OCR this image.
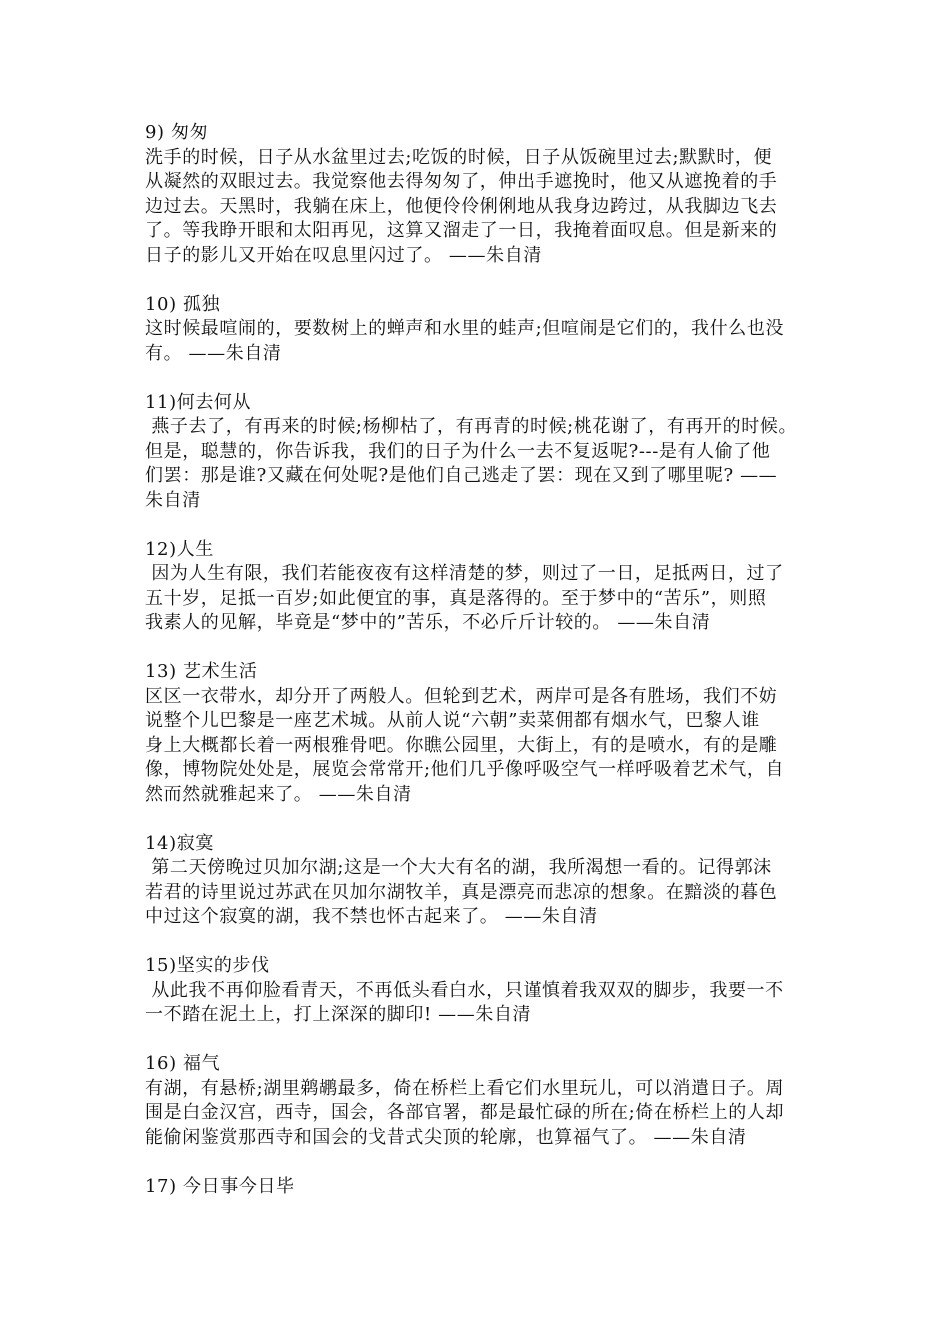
9) 匆匆
洗手的时候，日子从水盆里过去;吃饭的时候，日子从饭碗里过去;默默时，便
从凝然的双眼过去。我觉察他去得匆匆了，伸出手遮挽时，他又从遮挽着的手
边过去。天黑时，我躺在床上，他便伶伶俐俐地从我身边跨过，从我脚边飞去
了。等我睁开眼和太阳再见，这算又溜走了一日，我掩着面叹息。但是新来的
日子的影儿又开始在叹息里闪过了。 ——朱自清
10) 孤独
这时候最喧闹的，要数树上的蝉声和水里的蛙声;但喧闹是它们的，我什么也没
有。 ——朱自清
11)何去何从
燕子去了，有再来的时候;杨柳枯了，有再青的时候;桃花谢了，有再开的时候。
但是，聪慧的，你告诉我，我们的日子为什么一去不复返呢?---是有人偷了他
们罢：那是谁?又藏在何处呢?是他们自己逃走了罢：现在又到了哪里呢? ——
朱自清
12)人生
因为人生有限，我们若能夜夜有这样清楚的梦，则过了一日，足抵两日，过了
五十岁，足抵一百岁;如此便宜的事，真是落得的。至于梦中的“苦乐”，则照
我素人的见解，毕竟是“梦中的”苦乐，不必斤斤计较的。 ——朱自清
13) 艺术生活
区区一衣带水，却分开了两般人。但轮到艺术，两岸可是各有胜场，我们不妨
说整个儿巴黎是一座艺术城。从前人说“六朝”卖菜佣都有烟水气，巴黎人谁
身上大概都长着一两根雅骨吧。你瞧公园里，大街上，有的是喷水，有的是雕
像，博物院处处是，展览会常常开;他们几乎像呼吸空气一样呼吸着艺术气，自
然而然就雅起来了。 ——朱自清
14)寂寞
第二天傍晚过贝加尔湖;这是一个大大有名的湖，我所渴想一看的。记得郭沫
若君的诗里说过苏武在贝加尔湖牧羊，真是漂亮而悲凉的想象。在黯淡的暮色
中过这个寂寞的湖，我不禁也怀古起来了。 ——朱自清
15)坚实的步伐
从此我不再仰脸看青天，不再低头看白水，只谨慎着我双双的脚步，我要一不
一不踏在泥土上，打上深深的脚印! ——朱自清
16) 福气
有湖，有悬桥;湖里鹈鹕最多，倚在桥栏上看它们水里玩儿，可以消遣日子。周
围是白金汉宫，西寺，国会，各部官署，都是最忙碌的所在;倚在桥栏上的人却
能偷闲鉴赏那西寺和国会的戈昔式尖顶的轮廓，也算福气了。 ——朱自清
17) 今日事今日毕
